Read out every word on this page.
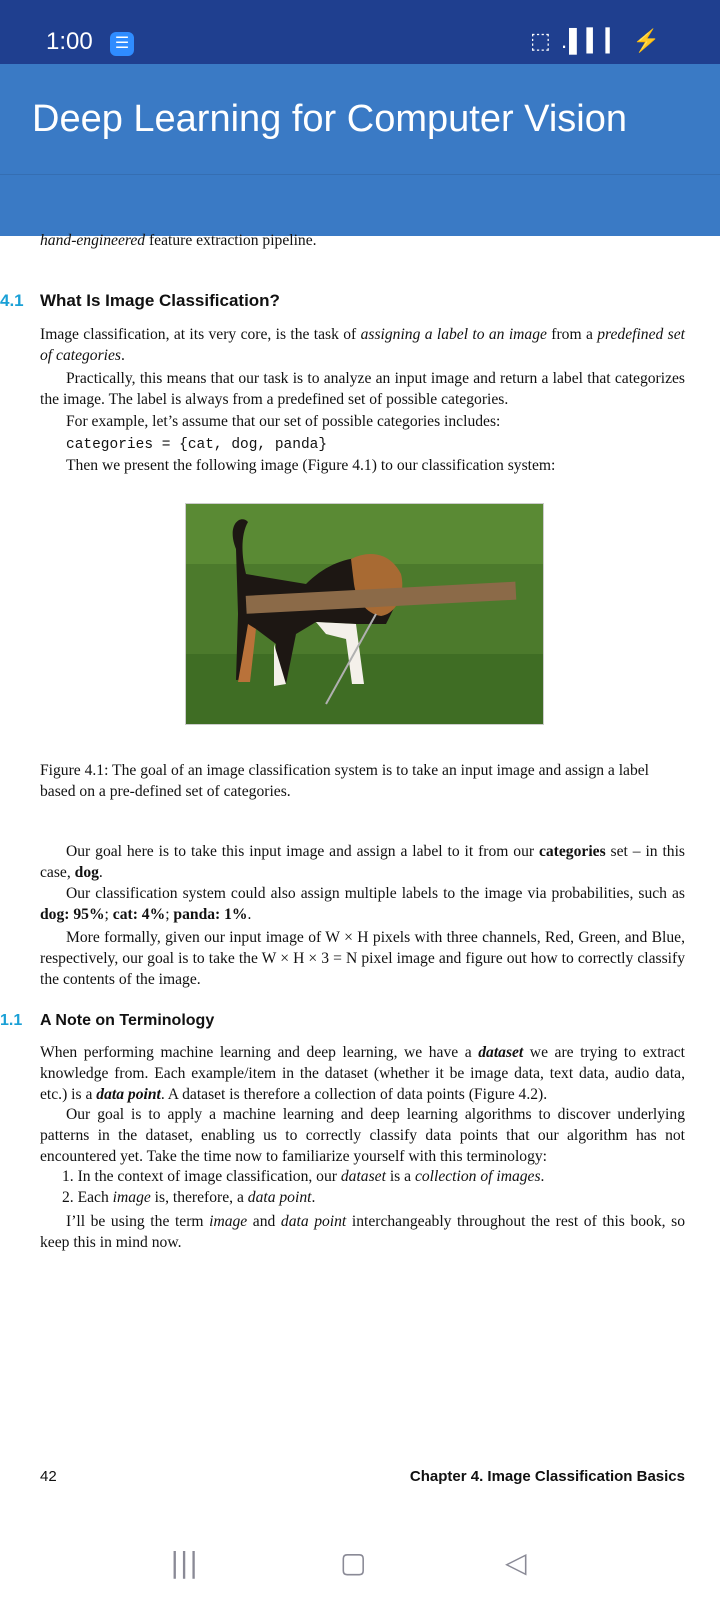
1:00	☰	⬚ .▌▍▎ ⚡
Deep Learning for Computer Vision
hand-engineered feature extraction pipeline.
4.1 What Is Image Classification?
Image classification, at its very core, is the task of assigning a label to an image from a predefined set of categories.
Practically, this means that our task is to analyze an input image and return a label that categorizes the image. The label is always from a predefined set of possible categories.
For example, let’s assume that our set of possible categories includes:
categories = {cat, dog, panda}
Then we present the following image (Figure 4.1) to our classification system:
Figure 4.1: The goal of an image classification system is to take an input image and assign a label based on a pre-defined set of categories.
Our goal here is to take this input image and assign a label to it from our categories set – in this case, dog.
Our classification system could also assign multiple labels to the image via probabilities, such as dog: 95%; cat: 4%; panda: 1%.
More formally, given our input image of W × H pixels with three channels, Red, Green, and Blue, respectively, our goal is to take the W × H × 3 = N pixel image and figure out how to correctly classify the contents of the image.
1.1 A Note on Terminology
When performing machine learning and deep learning, we have a dataset we are trying to extract knowledge from. Each example/item in the dataset (whether it be image data, text data, audio data, etc.) is a data point. A dataset is therefore a collection of data points (Figure 4.2).
Our goal is to apply a machine learning and deep learning algorithms to discover underlying patterns in the dataset, enabling us to correctly classify data points that our algorithm has not encountered yet. Take the time now to familiarize yourself with this terminology:
1. In the context of image classification, our dataset is a collection of images.
2. Each image is, therefore, a data point.
I’ll be using the term image and data point interchangeably throughout the rest of this book, so keep this in mind now.
42	Chapter 4. Image Classification Basics
|||	▢	◁
